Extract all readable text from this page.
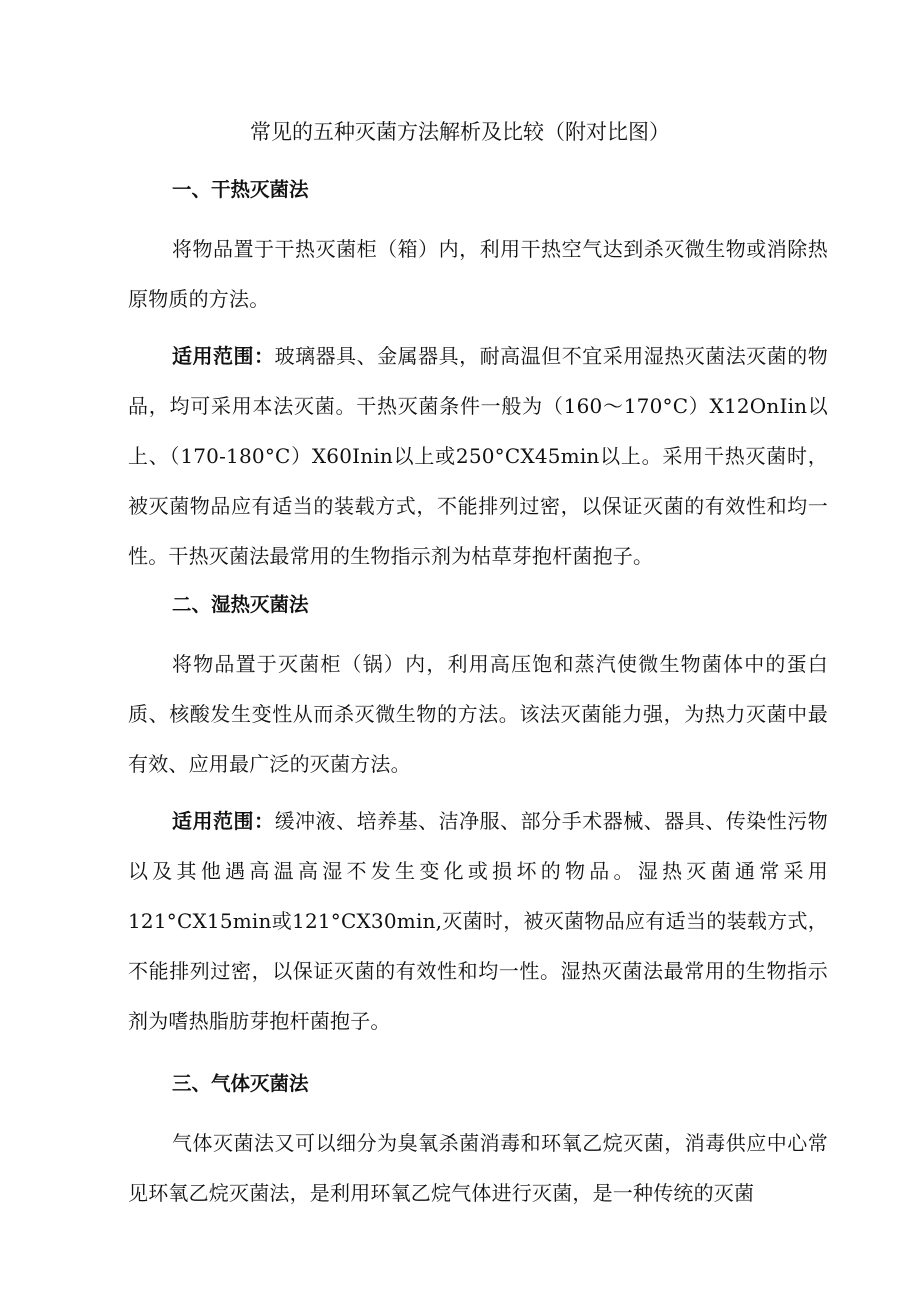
常见的五种灭菌方法解析及比较（附对比图）
一、干热灭菌法

将物品置于干热灭菌柜（箱）内，利用干热空气达到杀灭微生物或消除热原物质的方法。

适用范围：玻璃器具、金属器具，耐高温但不宜采用湿热灭菌法灭菌的物品，均可采用本法灭菌。干热灭菌条件一般为（160～170°C）X12OnIin以上、（170-180°C）X60Inin以上或250°CX45min以上。采用干热灭菌时，被灭菌物品应有适当的装载方式，不能排列过密，以保证灭菌的有效性和均一性。干热灭菌法最常用的生物指示剂为枯草芽抱杆菌抱子。

二、湿热灭菌法

将物品置于灭菌柜（锅）内，利用高压饱和蒸汽使微生物菌体中的蛋白质、核酸发生变性从而杀灭微生物的方法。该法灭菌能力强，为热力灭菌中最有效、应用最广泛的灭菌方法。

适用范围：缓冲液、培养基、洁净服、部分手术器械、器具、传染性污物以及其他遇高温高湿不发生变化或损坏的物品。湿热灭菌通常采用121°CX15min或121°CX30min,灭菌时，被灭菌物品应有适当的装载方式，不能排列过密，以保证灭菌的有效性和均一性。湿热灭菌法最常用的生物指示剂为嗜热脂肪芽抱杆菌抱子。

三、气体灭菌法

气体灭菌法又可以细分为臭氧杀菌消毒和环氧乙烷灭菌，消毒供应中心常见环氧乙烷灭菌法，是利用环氧乙烷气体进行灭菌，是一种传统的灭菌
